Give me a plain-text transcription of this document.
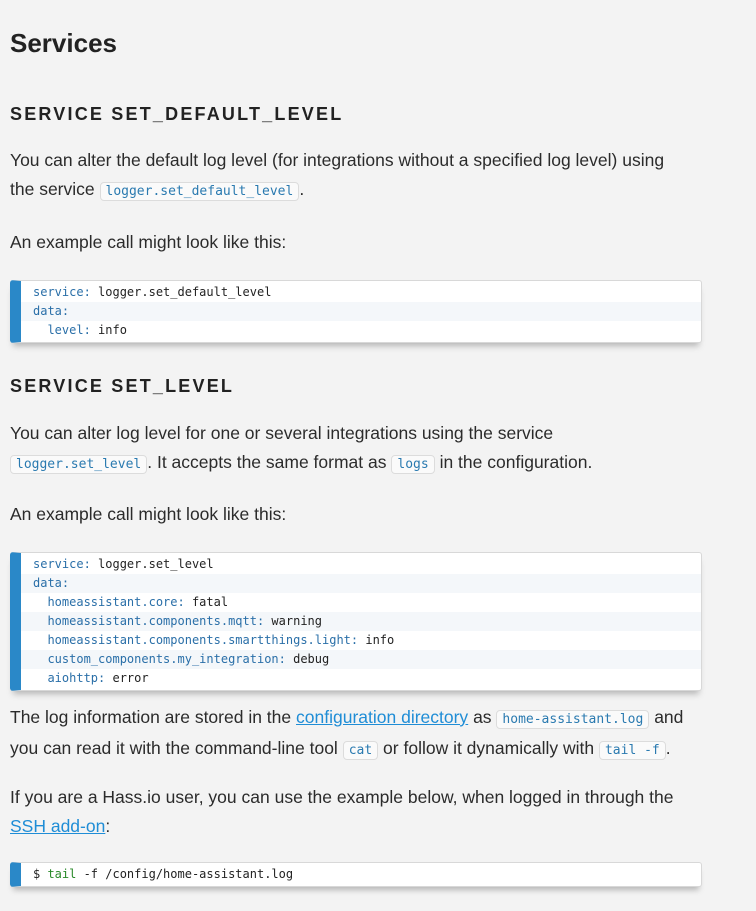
Services
SERVICE SET_DEFAULT_LEVEL

You can alter the default log level (for integrations without a specified log level) using
the service logger.set_default_level .

An example call might look like this:

service: logger.set_default_level
data:
level: info
SERVICE SET_LEVEL

You can alter log level for one or several integrations using the service
logger.set_level . It accepts the same format as logs in the configuration.

An example call might look like this:

service: logger.set_level
data:
homeassistant.core: fatal
homeassistant.components.mqtt: warning
homeassistant.components.smartthings.light: info
custom_components.my_integration: debug
aiohttp: error

The log information are stored in the configuration directory as home-assistant.log and
you can read it with the command-line tool cat or follow it dynamically with tail -f .

If you are a Hass.io user, you can use the example below, when logged in through the
SSH add-on:

$ tail -f /config/home-assistant.log
